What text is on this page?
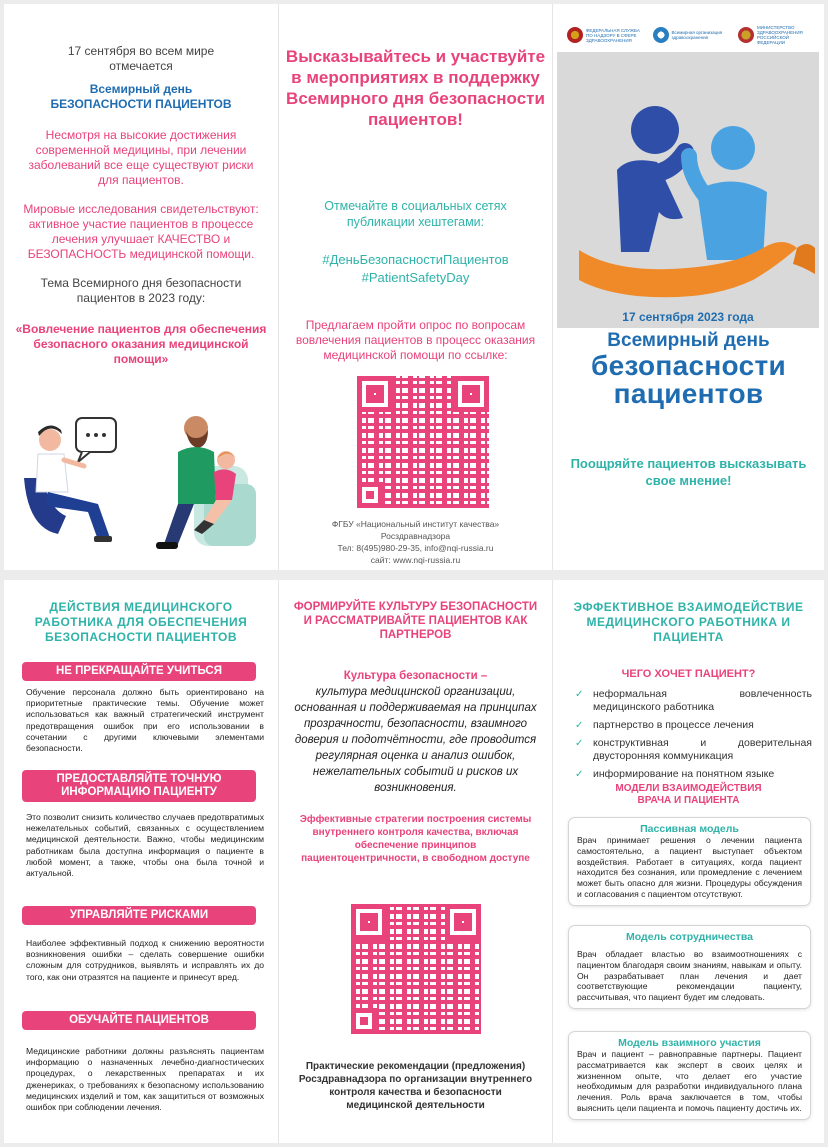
17 сентября во всем мире отмечается
Всемирный день
БЕЗОПАСНОСТИ ПАЦИЕНТОВ
Несмотря на высокие достижения современной медицины, при лечении заболеваний все еще существуют риски для пациентов.
Мировые исследования свидетельствуют: активное участие пациентов в процессе лечения улучшает КАЧЕСТВО и БЕЗОПАСНОСТЬ медицинской помощи.
Тема Всемирного дня безопасности пациентов в 2023 году:
«Вовлечение пациентов для обеспечения безопасного оказания медицинской помощи»
Высказывайтесь и участвуйте в мероприятиях в поддержку Всемирного дня безопасности пациентов!
Отмечайте в социальных сетях публикации хештегами:
#ДеньБезопасностиПациентов
#PatientSafetyDay
Предлагаем пройти опрос по вопросам вовлечения пациентов в процесс оказания медицинской помощи по ссылке:
ФГБУ «Национальный институт качества»
Росздравнадзора
Тел: 8(495)980-29-35, info@nqi-russia.ru
сайт: www.nqi-russia.ru
ФЕДЕРАЛЬНАЯ СЛУЖБА ПО НАДЗОРУ В СФЕРЕ ЗДРАВООХРАНЕНИЯ
Всемирная организация здравоохранения
МИНИСТЕРСТВО ЗДРАВООХРАНЕНИЯ РОССИЙСКОЙ ФЕДЕРАЦИИ
17 сентября 2023 года
Всемирный день
безопасности
пациентов
Поощряйте пациентов высказывать свое мнение!
ДЕЙСТВИЯ МЕДИЦИНСКОГО РАБОТНИКА ДЛЯ ОБЕСПЕЧЕНИЯ БЕЗОПАСНОСТИ ПАЦИЕНТОВ
НЕ ПРЕКРАЩАЙТЕ УЧИТЬСЯ
Обучение персонала должно быть ориентировано на приоритетные практические темы. Обучение может использоваться как важный стратегический инструмент предотвращения ошибок при его использовании в сочетании с другими ключевыми элементами безопасности.
ПРЕДОСТАВЛЯЙТЕ ТОЧНУЮ ИНФОРМАЦИЮ ПАЦИЕНТУ
Это позволит снизить количество случаев предотвратимых нежелательных событий, связанных с осуществлением медицинской деятельности. Важно, чтобы медицинским работникам была доступна информация о пациенте в любой момент, а также, чтобы она была точной и актуальной.
УПРАВЛЯЙТЕ РИСКАМИ
Наиболее эффективный подход к снижению вероятности возникновения ошибки – сделать совершение ошибки сложным для сотрудников, выявлять и исправлять их до того, как они отразятся на пациенте и принесут вред.
ОБУЧАЙТЕ ПАЦИЕНТОВ
Медицинские работники должны разъяснять пациентам информацию о назначенных лечебно-диагностических процедурах, о лекарственных препаратах и их дженериках, о требованиях к безопасному использованию медицинских изделий и том, как защититься от возможных ошибок при соблюдении лечения.
ФОРМИРУЙТЕ КУЛЬТУРУ БЕЗОПАСНОСТИ И РАССМАТРИВАЙТЕ ПАЦИЕНТОВ КАК ПАРТНЕРОВ
Культура безопасности –
культура медицинской организации, основанная и поддерживаемая на принципах прозрачности, безопасности, взаимного доверия и подотчётности, где проводится регулярная оценка и анализ ошибок, нежелательных событий и рисков их возникновения.
Эффективные стратегии построения системы внутреннего контроля качества, включая обеспечение принципов пациентоцентричности, в свободном доступе
Практические рекомендации (предложения) Росздравнадзора по организации внутреннего контроля качества и безопасности медицинской деятельности
ЭФФЕКТИВНОЕ ВЗАИМОДЕЙСТВИЕ МЕДИЦИНСКОГО РАБОТНИКА И ПАЦИЕНТА
ЧЕГО ХОЧЕТ ПАЦИЕНТ?
✓ неформальная вовлеченность медицинского работника
✓ партнерство в процессе лечения
✓ конструктивная и доверительная двусторонняя коммуникация
✓ информирование на понятном языке
МОДЕЛИ ВЗАИМОДЕЙСТВИЯ ВРАЧА И ПАЦИЕНТА
Пассивная модель
Врач принимает решения о лечении пациента самостоятельно, а пациент выступает объектом воздействия. Работает в ситуациях, когда пациент находится без сознания, или промедление с лечением может быть опасно для жизни. Процедуры обсуждения и согласования с пациентом отсутствуют.
Модель сотрудничества
Врач обладает властью во взаимоотношениях с пациентом благодаря своим знаниям, навыкам и опыту. Он разрабатывает план лечения и дает соответствующие рекомендации пациенту, рассчитывая, что пациент будет им следовать.
Модель взаимного участия
Врач и пациент – равноправные партнеры. Пациент рассматривается как эксперт в своих целях и жизненном опыте, что делает его участие необходимым для разработки индивидуального плана лечения. Роль врача заключается в том, чтобы выяснить цели пациента и помочь пациенту достичь их.
